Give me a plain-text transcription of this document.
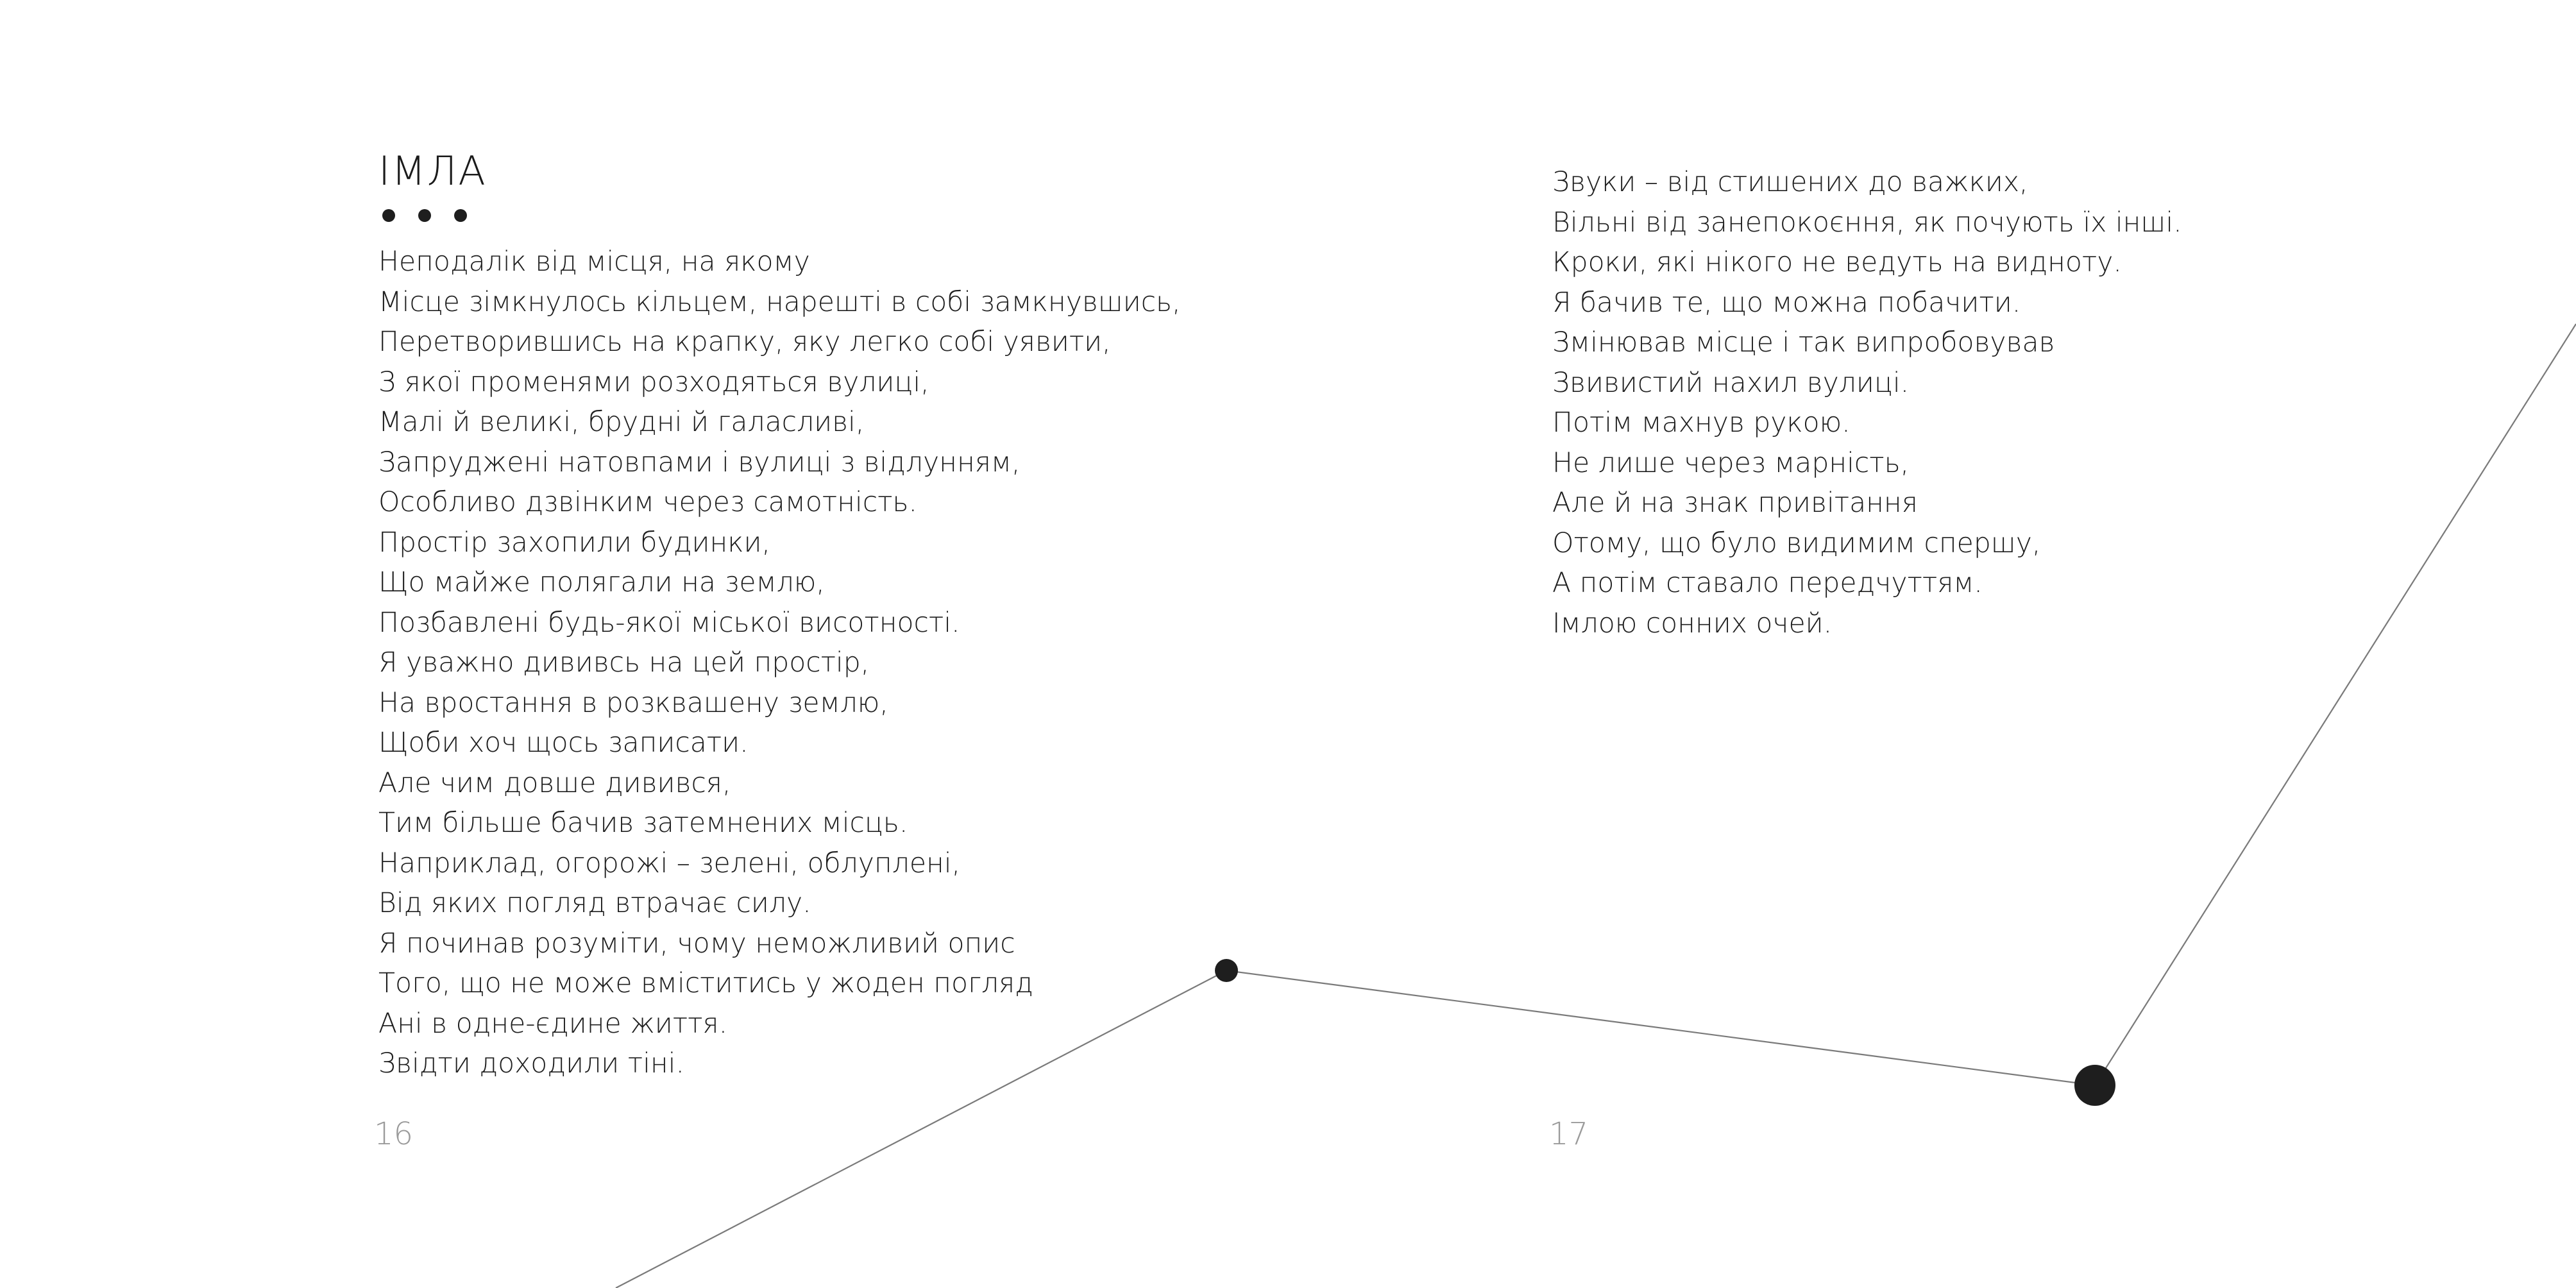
ІМЛА
Неподалік від місця, на якому
Місце зімкнулось кільцем, нарешті в собі замкнувшись,
Перетворившись на крапку, яку легко собі уявити,
З якої променями розходяться вулиці,
Малі й великі, брудні й галасливі,
Запруджені натовпами і вулиці з відлунням,
Особливо дзвінким через самотність.
Простір захопили будинки,
Що майже полягали на землю,
Позбавлені будь-якої міської висотності.
Я уважно дививсь на цей простір,
На вростання в розквашену землю,
Щоби хоч щось записати.
Але чим довше дивився,
Тим більше бачив затемнених місць.
Наприклад, огорожі – зелені, облуплені,
Від яких погляд втрачає силу.
Я починав розуміти, чому неможливий опис
Того, що не може вміститись у жоден погляд
Ані в одне-єдине життя.
Звідти доходили тіні.
16
Звуки – від стишених до важких,
Вільні від занепокоєння, як почують їх інші.
Кроки, які нікого не ведуть на видноту.
Я бачив те, що можна побачити.
Змінював місце і так випробовував
Звивистий нахил вулиці.
Потім махнув рукою.
Не лише через марність,
Але й на знак привітання
Отому, що було видимим спершу,
А потім ставало передчуттям.
Імлою сонних очей.
17
